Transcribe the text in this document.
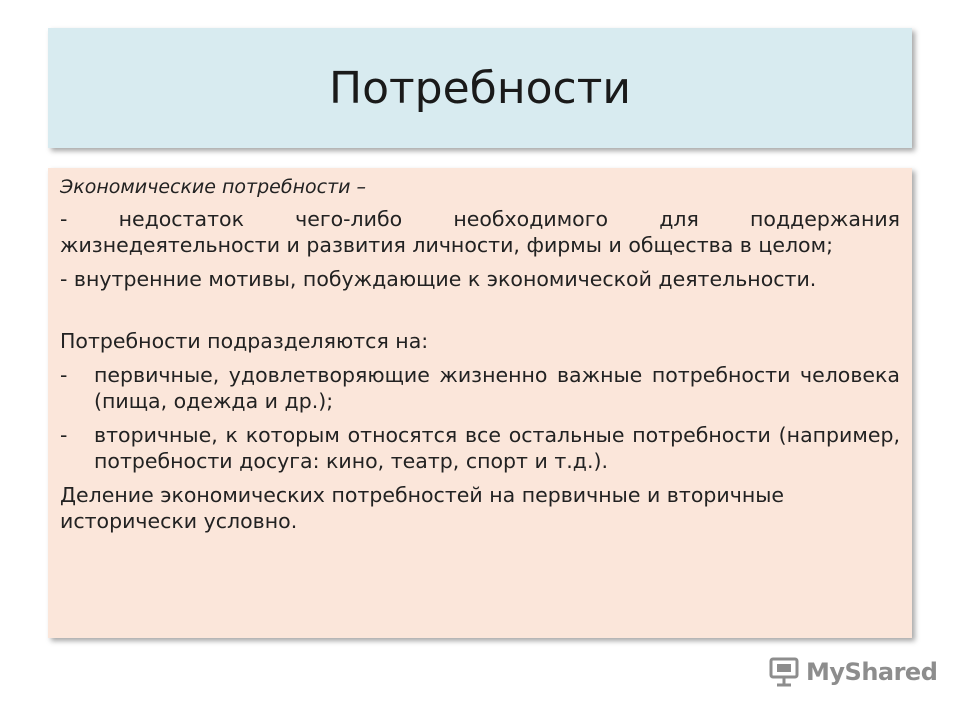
Потребности

Экономические потребности –

- недостаток чего-либо необходимого для поддержания жизнедеятельности и развития личности, фирмы и общества в целом;

- внутренние мотивы, побуждающие к экономической деятельности.

Потребности подразделяются на:

-	первичные, удовлетворяющие жизненно важные потребности человека (пища, одежда и др.);
-	вторичные, к которым относятся все остальные потребности (например, потребности досуга: кино, театр, спорт и т.д.).

Деление экономических потребностей на первичные и вторичные исторически условно.

MyShared
